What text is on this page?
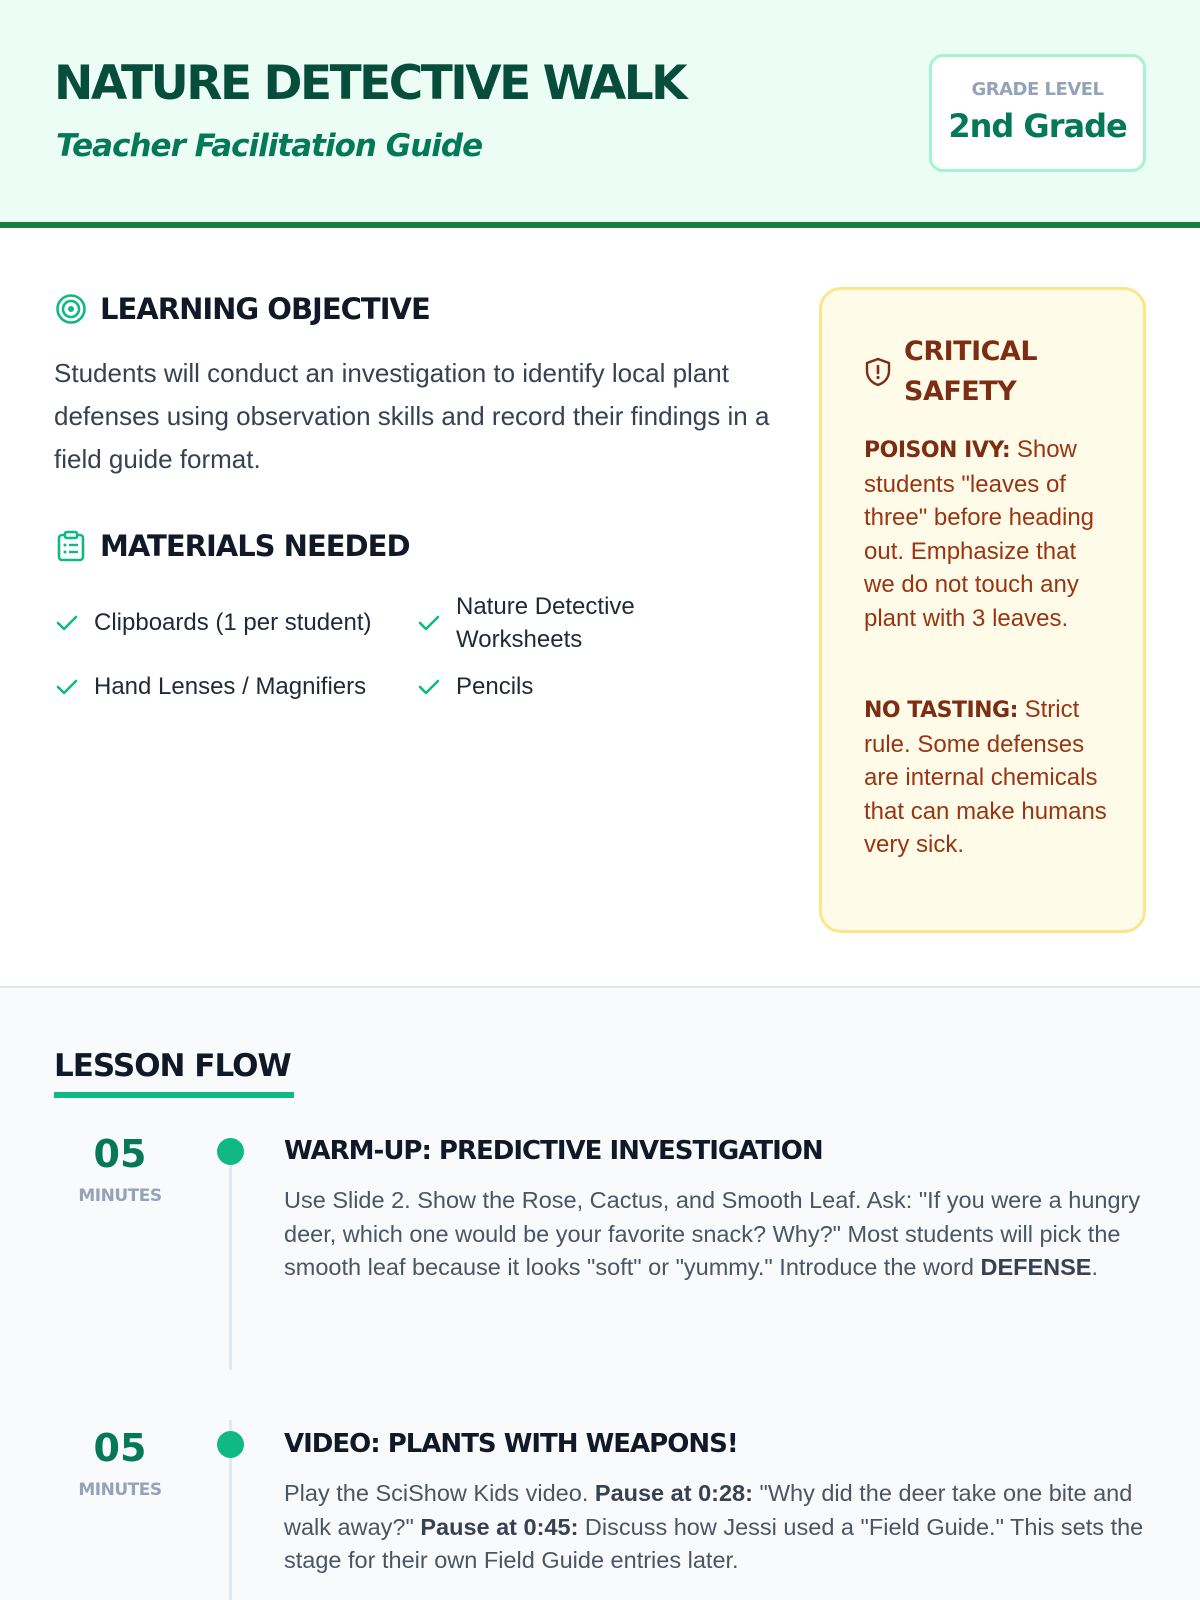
NATURE DETECTIVE WALK
Teacher Facilitation Guide
GRADE LEVEL
2nd Grade
LEARNING OBJECTIVE
Students will conduct an investigation to identify local plant defenses using observation skills and record their findings in a field guide format.
MATERIALS NEEDED
Clipboards (1 per student)
Nature Detective Worksheets
Hand Lenses / Magnifiers	Pencils
CRITICAL SAFETY
POISON IVY: Show students "leaves of three" before heading out. Emphasize that we do not touch any plant with 3 leaves.
NO TASTING: Strict rule. Some defenses are internal chemicals that can make humans very sick.
LESSON FLOW
05
MINUTES
WARM-UP: PREDICTIVE INVESTIGATION
Use Slide 2. Show the Rose, Cactus, and Smooth Leaf. Ask: "If you were a hungry deer, which one would be your favorite snack? Why?" Most students will pick the smooth leaf because it looks "soft" or "yummy." Introduce the word DEFENSE.
05
MINUTES
VIDEO: PLANTS WITH WEAPONS!
Play the SciShow Kids video. Pause at 0:28: "Why did the deer take one bite and walk away?" Pause at 0:45: Discuss how Jessi used a "Field Guide." This sets the stage for their own Field Guide entries later.
